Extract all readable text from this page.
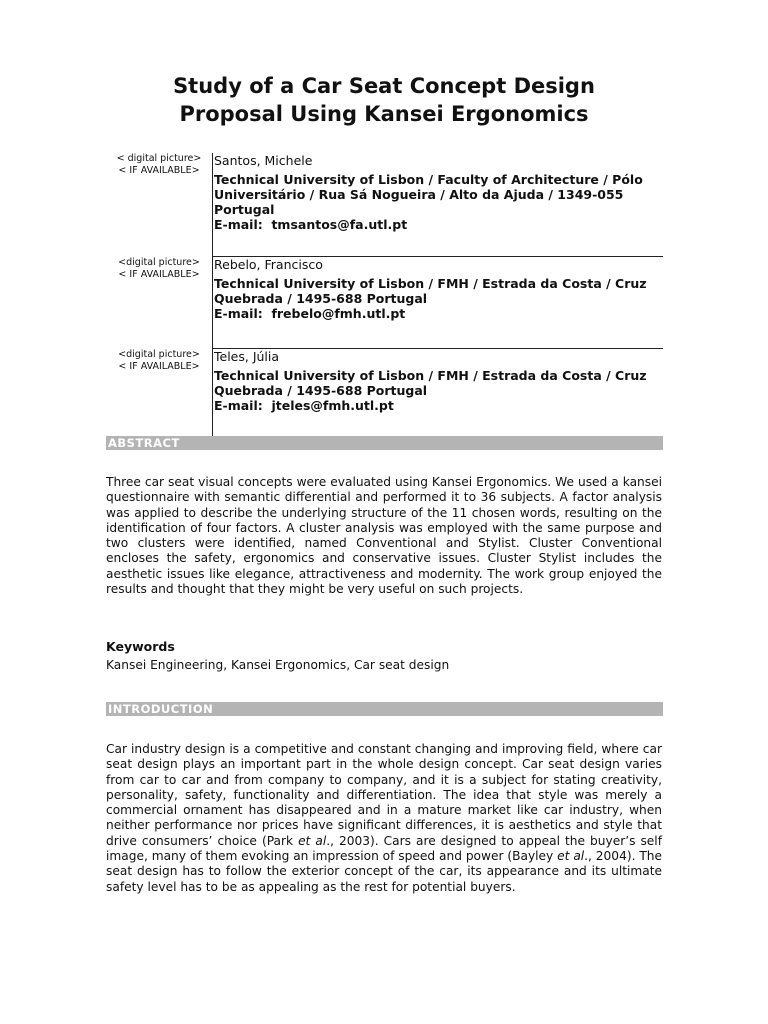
Study of a Car Seat Concept Design
Proposal Using Kansei Ergonomics
< digital picture>
< IF AVAILABLE>
Santos, Michele
Technical University of Lisbon / Faculty of Architecture / Pólo Universitário / Rua Sá Nogueira / Alto da Ajuda / 1349-055 Portugal
E-mail:  tmsantos@fa.utl.pt
<digital picture>
< IF AVAILABLE>
Rebelo, Francisco
Technical University of Lisbon / FMH / Estrada da Costa / Cruz Quebrada / 1495-688 Portugal
E-mail:  frebelo@fmh.utl.pt
<digital picture>
< IF AVAILABLE>
Teles, Júlia
Technical University of Lisbon / FMH / Estrada da Costa / Cruz Quebrada / 1495-688 Portugal
E-mail:  jteles@fmh.utl.pt
ABSTRACT

Three car seat visual concepts were evaluated using Kansei Ergonomics. We used a kansei questionnaire with semantic differential and performed it to 36 subjects. A factor analysis was applied to describe the underlying structure of the 11 chosen words, resulting on the identification of four factors. A cluster analysis was employed with the same purpose and two clusters were identified, named Conventional and Stylist. Cluster Conventional encloses the safety, ergonomics and conservative issues. Cluster Stylist includes the aesthetic issues like elegance, attractiveness and modernity. The work group enjoyed the results and thought that they might be very useful on such projects.

Keywords
Kansei Engineering, Kansei Ergonomics, Car seat design
INTRODUCTION

Car industry design is a competitive and constant changing and improving field, where car seat design plays an important part in the whole design concept. Car seat design varies from car to car and from company to company, and it is a subject for stating creativity, personality, safety, functionality and differentiation. The idea that style was merely a commercial ornament has disappeared and in a mature market like car industry, when neither performance nor prices have significant differences, it is aesthetics and style that drive consumers’ choice (Park et al., 2003). Cars are designed to appeal the buyer’s self image, many of them evoking an impression of speed and power (Bayley et al., 2004). The seat design has to follow the exterior concept of the car, its appearance and its ultimate safety level has to be as appealing as the rest for potential buyers.
